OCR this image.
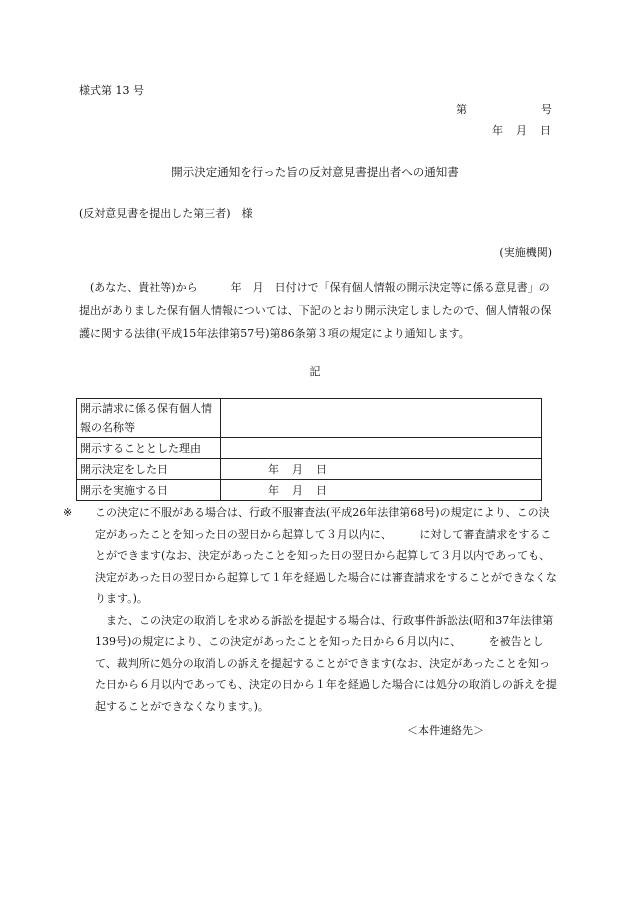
様式第 13 号
第	号
年　月　日
開示決定通知を行った旨の反対意見書提出者への通知書
(反対意見書を提出した第三者)　様
(実施機関)

　(あなた、貴社等)から　　　年　月　日付けで「保有個人情報の開示決定等に係る意見書」の提出がありました保有個人情報については、下記のとおり開示決定しましたので、個人情報の保護に関する法律(平成15年法律第57号)第86条第３項の規定により通知します。

記
開示請求に係る保有個人情報の名称等	
開示することとした理由	
開示決定をした日	年　月　日
開示を実施する日	年　月　日

※ この決定に不服がある場合は、行政不服審査法(平成26年法律第68号)の規定により、この決定があったことを知った日の翌日から起算して３月以内に、　　　に対して審査請求をすることができます(なお、決定があったことを知った日の翌日から起算して３月以内であっても、決定があった日の翌日から起算して１年を経過した場合には審査請求をすることができなくなります。)。

また、この決定の取消しを求める訴訟を提起する場合は、行政事件訴訟法(昭和37年法律第139号)の規定により、この決定があったことを知った日から６月以内に、　　　を被告として、裁判所に処分の取消しの訴えを提起することができます(なお、決定があったことを知った日から６月以内であっても、決定の日から１年を経過した場合には処分の取消しの訴えを提起することができなくなります。)。

＜本件連絡先＞
